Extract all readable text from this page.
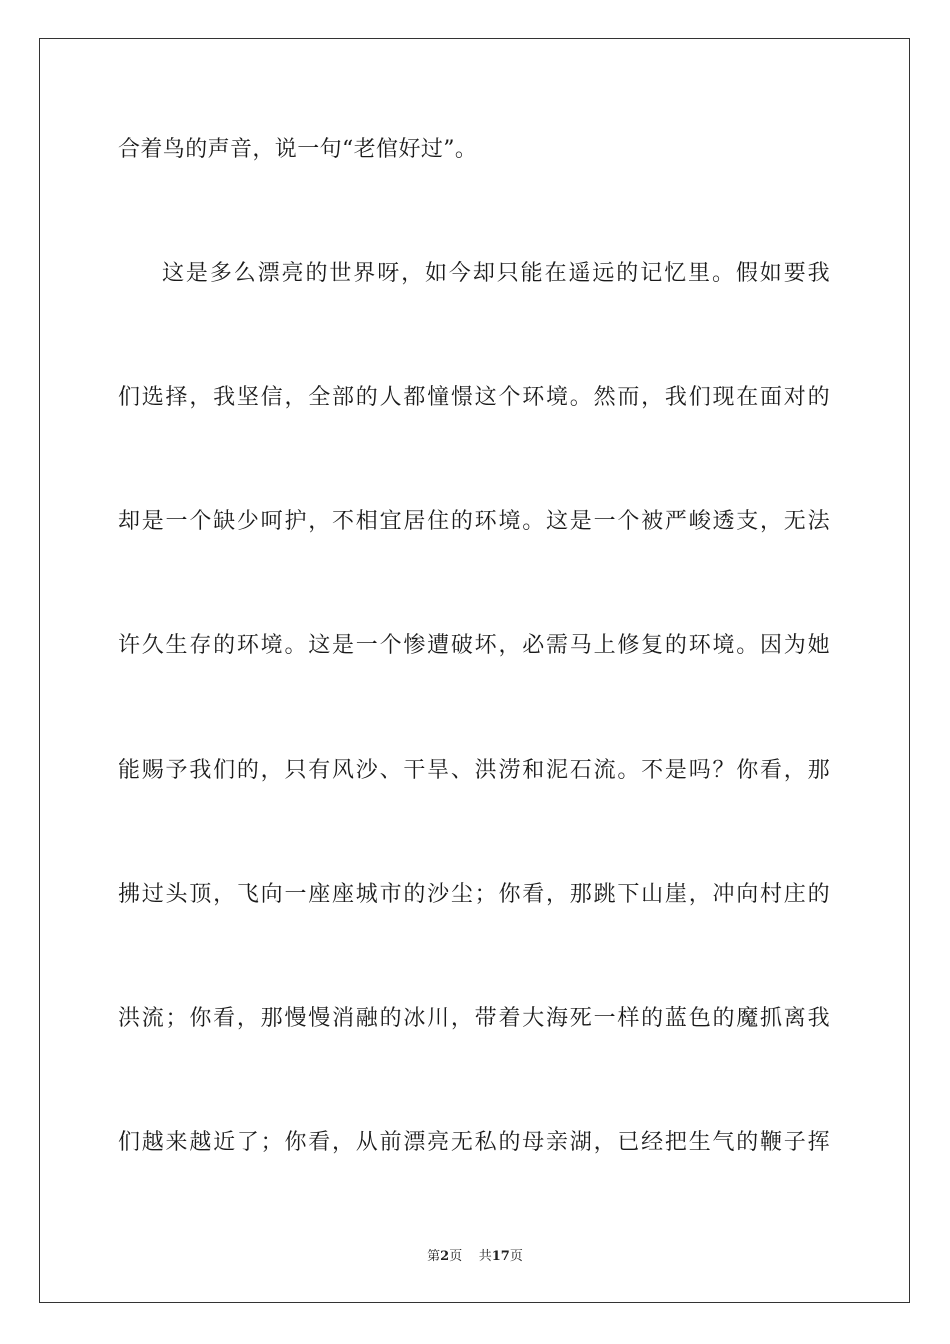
合着鸟的声音，说一句“老倌好过”。
这是多么漂亮的世界呀，如今却只能在遥远的记忆里。假如要我
们选择，我坚信，全部的人都憧憬这个环境。然而，我们现在面对的
却是一个缺少呵护，不相宜居住的环境。这是一个被严峻透支，无法
许久生存的环境。这是一个惨遭破坏，必需马上修复的环境。因为她
能赐予我们的，只有风沙、干旱、洪涝和泥石流。不是吗？你看，那
拂过头顶，飞向一座座城市的沙尘；你看，那跳下山崖，冲向村庄的
洪流；你看，那慢慢消融的冰川，带着大海死一样的蓝色的魔抓离我
们越来越近了；你看，从前漂亮无私的母亲湖，已经把生气的鞭子挥
第2页 共17页
